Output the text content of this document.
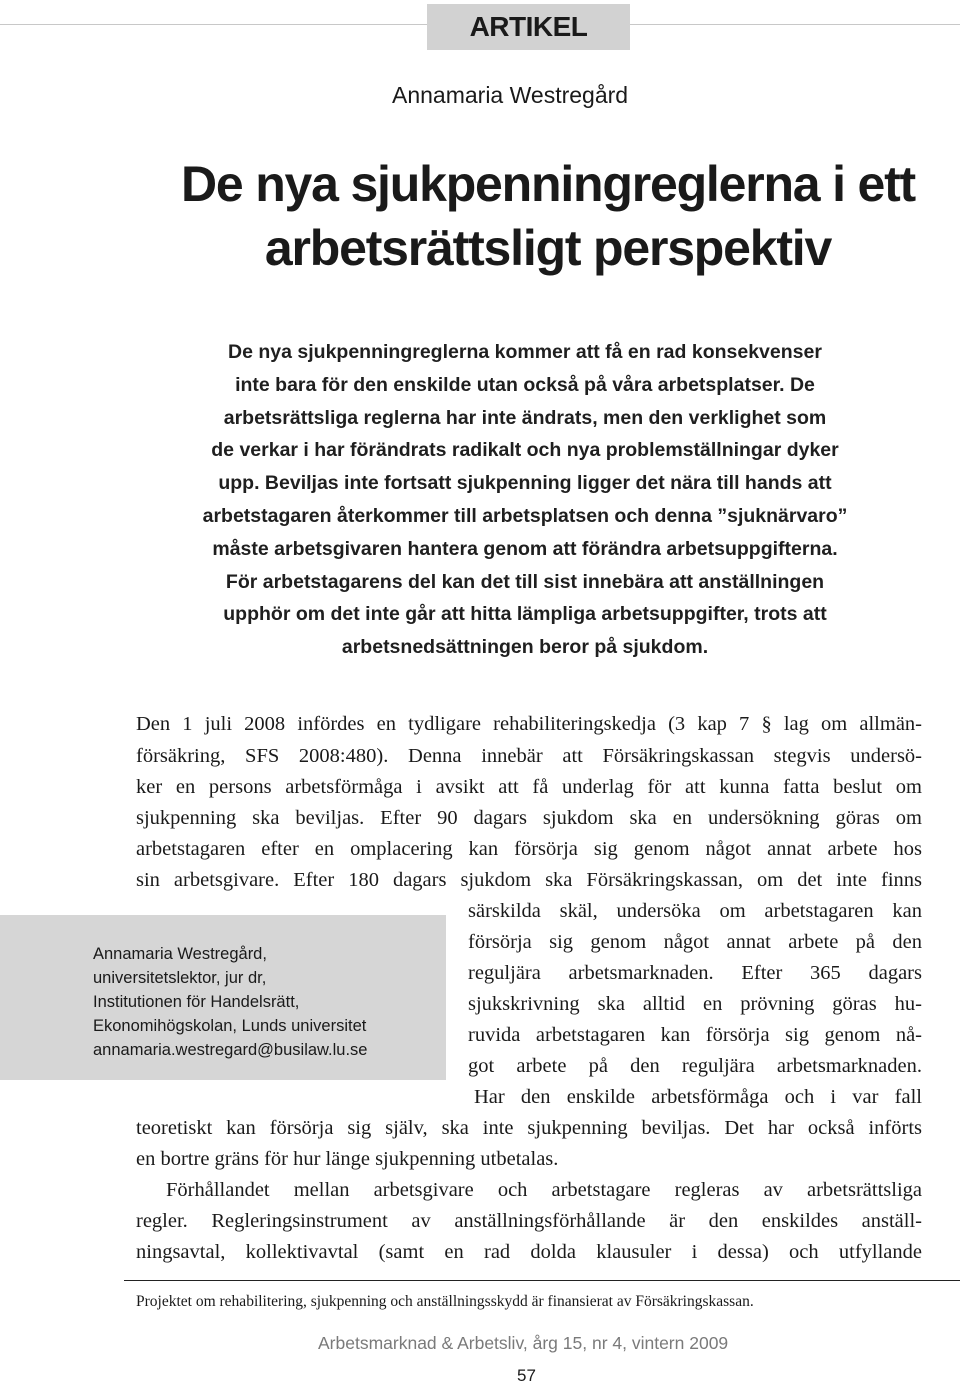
ARTIKEL
Annamaria Westregård
De nya sjukpenningreglerna i ett
arbetsrättsligt perspektiv
De nya sjukpenningreglerna kommer att få en rad konsekvenser
inte bara för den enskilde utan också på våra arbetsplatser. De
arbetsrättsliga reglerna har inte ändrats, men den verklighet som
de verkar i har förändrats radikalt och nya problemställningar dyker
upp. Beviljas inte fortsatt sjukpenning ligger det nära till hands att
arbetstagaren återkommer till arbetsplatsen och denna ”sjuknärvaro”
måste arbetsgivaren hantera genom att förändra arbetsuppgifterna.
För arbetstagarens del kan det till sist innebära att anställningen
upphör om det inte går att hitta lämpliga arbetsuppgifter, trots att
arbetsnedsättningen beror på sjukdom.
Den 1 juli 2008 infördes en tydligare rehabiliteringskedja (3 kap 7 § lag om allmän-
försäkring, SFS 2008:480). Denna innebär att Försäkringskassan stegvis undersö-
ker en persons arbetsförmåga i avsikt att få underlag för att kunna fatta beslut om
sjukpenning ska beviljas. Efter 90 dagars sjukdom ska en undersökning göras om
arbetstagaren efter en omplacering kan försörja sig genom något annat arbete hos
sin arbetsgivare. Efter 180 dagars sjukdom ska Försäkringskassan, om det inte finns
särskilda skäl, undersöka om arbetstagaren kan
försörja sig genom något annat arbete på den
reguljära arbetsmarknaden. Efter 365 dagars
sjukskrivning ska alltid en prövning göras hu-
ruvida arbetstagaren kan försörja sig genom nå-
got arbete på den reguljära arbetsmarknaden.
Har den enskilde arbetsförmåga och i var fall
teoretiskt kan försörja sig själv, ska inte sjukpenning beviljas. Det har också införts
en bortre gräns för hur länge sjukpenning utbetalas.
Förhållandet mellan arbetsgivare och arbetstagare regleras av arbetsrättsliga
regler. Regleringsinstrument av anställningsförhållande är den enskildes anställ-
ningsavtal, kollektivavtal (samt en rad dolda klausuler i dessa) och utfyllande
Annamaria Westregård,
universitetslektor, jur dr,
Institutionen för Handelsrätt,
Ekonomihögskolan, Lunds universitet
annamaria.westregard@busilaw.lu.se
Projektet om rehabilitering, sjukpenning och anställningsskydd är finansierat av Försäkringskassan.
Arbetsmarknad & Arbetsliv, årg 15, nr 4, vintern 2009
57
